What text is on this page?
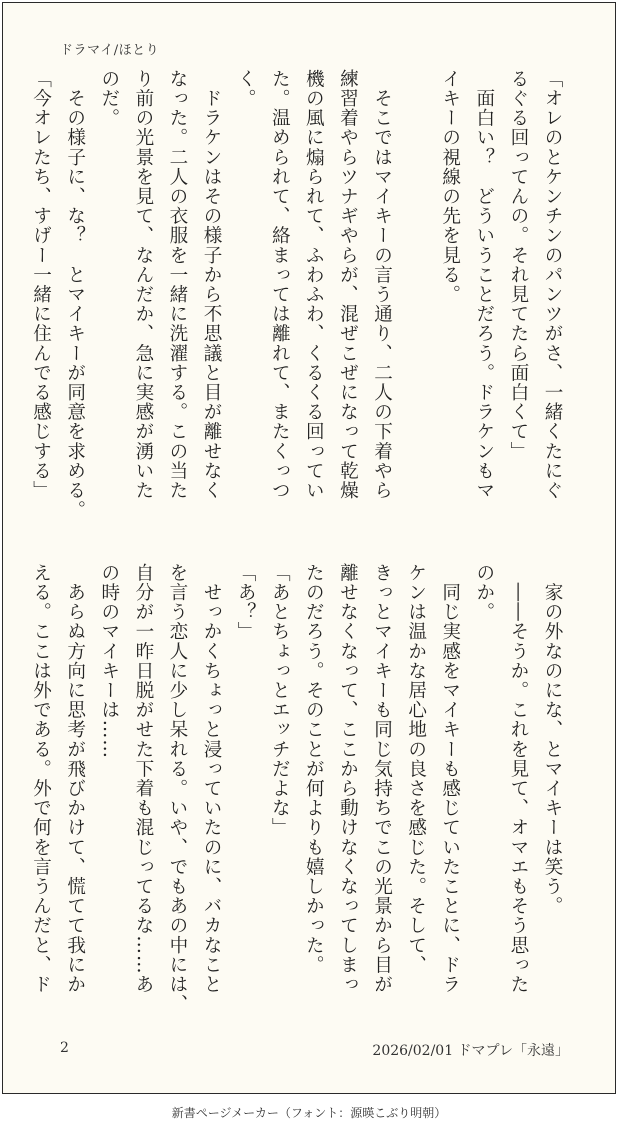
ドラマイ/ほとり
「オレのとケンチンのパンツがさ、一緒くたにぐ
るぐる回ってんの。それ見てたら面白くて」
　面白い？　どういうことだろう。ドラケンもマ
イキーの視線の先を見る。

　そこではマイキーの言う通り、二人の下着やら
練習着やらツナギやらが、混ぜこぜになって乾燥
機の風に煽られて、ふわふわ、くるくる回ってい
た。温められて、絡まっては離れて、またくっつ
く。
　ドラケンはその様子から不思議と目が離せなく
なった。二人の衣服を一緒に洗濯する。この当た
り前の光景を見て、なんだか、急に実感が湧いた
のだ。
　その様子に、な？　とマイキーが同意を求める。
「今オレたち、すげー一緒に住んでる感じする」
　家の外なのにな、とマイキーは笑う。
　――そうか。これを見て、オマエもそう思った
のか。
　同じ実感をマイキーも感じていたことに、ドラ
ケンは温かな居心地の良さを感じた。そして、
きっとマイキーも同じ気持ちでこの光景から目が
離せなくなって、ここから動けなくなってしまっ
たのだろう。そのことが何よりも嬉しかった。
「あとちょっとエッチだよな」
「あ？」
　せっかくちょっと浸っていたのに、バカなこと
を言う恋人に少し呆れる。いや、でもあの中には、
自分が一昨日脱がせた下着も混じってるな……あ
の時のマイキーは……
　あらぬ方向に思考が飛びかけて、慌てて我にか
える。ここは外である。外で何を言うんだと、ド
2	2026/02/01 ドマプレ「永遠」
新書ページメーカー（フォント：源暎こぶり明朝）
